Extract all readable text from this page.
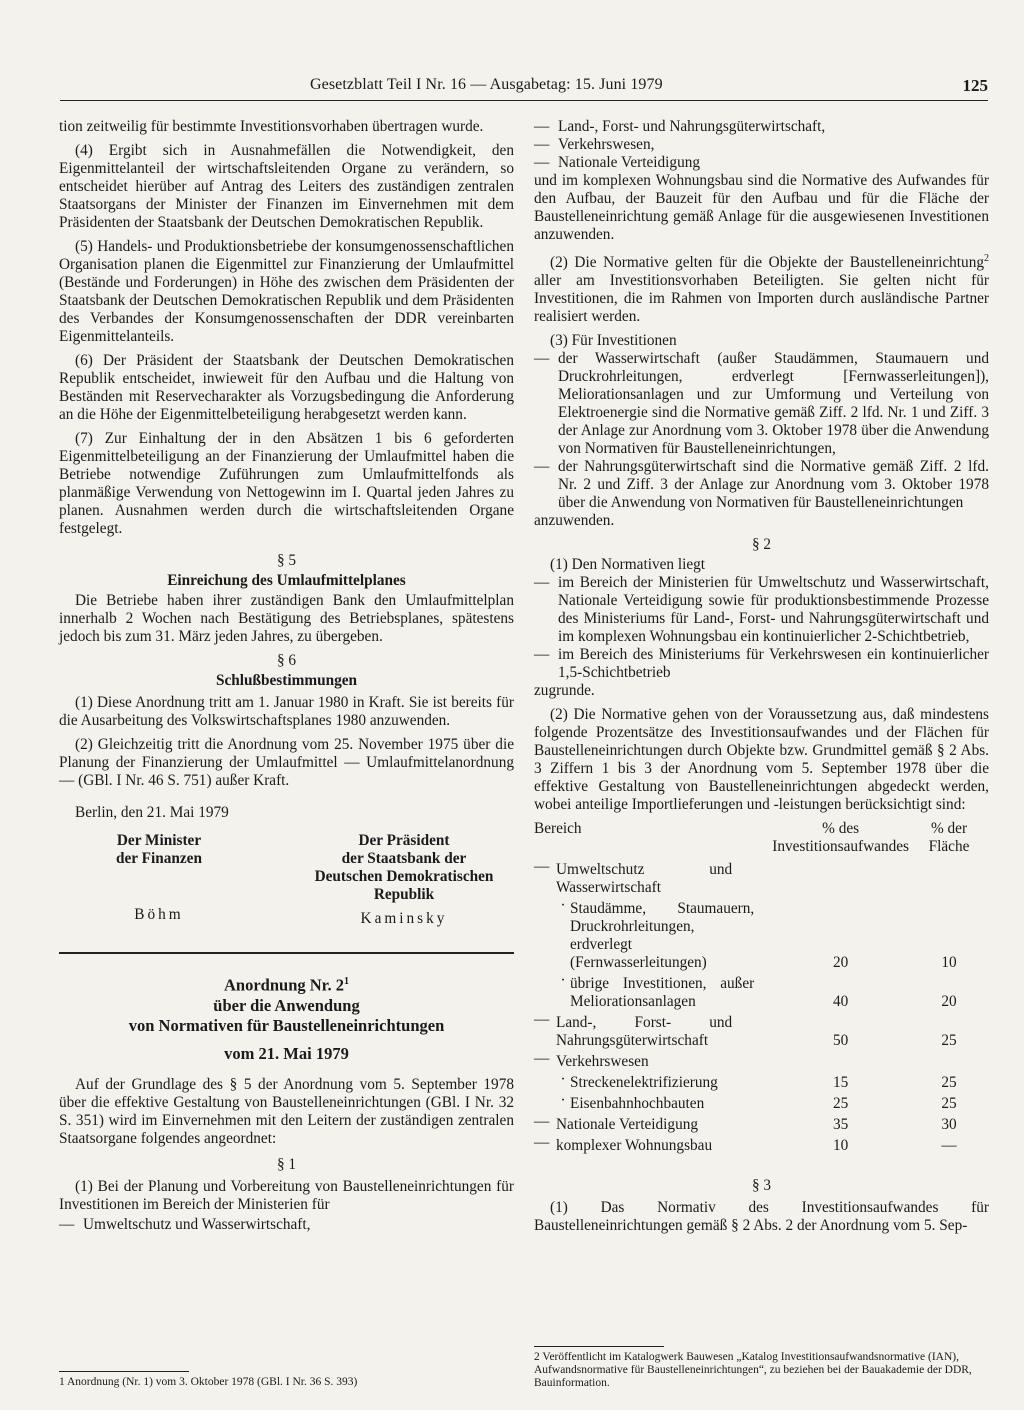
Gesetzblatt Teil I Nr. 16 — Ausgabetag: 15. Juni 1979	125

tion zeitweilig für bestimmte Investitionsvorhaben übertragen wurde.

(4) Ergibt sich in Ausnahmefällen die Notwendigkeit, den Eigenmittelanteil der wirtschaftsleitenden Organe zu verändern, so entscheidet hierüber auf Antrag des Leiters des zuständigen zentralen Staatsorgans der Minister der Finanzen im Einvernehmen mit dem Präsidenten der Staatsbank der Deutschen Demokratischen Republik.

(5) Handels- und Produktionsbetriebe der konsumgenossenschaftlichen Organisation planen die Eigenmittel zur Finanzierung der Umlaufmittel (Bestände und Forderungen) in Höhe des zwischen dem Präsidenten der Staatsbank der Deutschen Demokratischen Republik und dem Präsidenten des Verbandes der Konsumgenossenschaften der DDR vereinbarten Eigenmittelanteils.

(6) Der Präsident der Staatsbank der Deutschen Demokratischen Republik entscheidet, inwieweit für den Aufbau und die Haltung von Beständen mit Reservecharakter als Vorzugsbedingung die Anforderung an die Höhe der Eigenmittelbeteiligung herabgesetzt werden kann.

(7) Zur Einhaltung der in den Absätzen 1 bis 6 geforderten Eigenmittelbeteiligung an der Finanzierung der Umlaufmittel haben die Betriebe notwendige Zuführungen zum Umlaufmittelfonds als planmäßige Verwendung von Nettogewinn im I. Quartal jeden Jahres zu planen. Ausnahmen werden durch die wirtschaftsleitenden Organe festgelegt.

§ 5

Einreichung des Umlaufmittelplanes

Die Betriebe haben ihrer zuständigen Bank den Umlaufmittelplan innerhalb 2 Wochen nach Bestätigung des Betriebsplanes, spätestens jedoch bis zum 31. März jeden Jahres, zu übergeben.

§ 6

Schlußbestimmungen

(1) Diese Anordnung tritt am 1. Januar 1980 in Kraft. Sie ist bereits für die Ausarbeitung des Volkswirtschaftsplanes 1980 anzuwenden.

(2) Gleichzeitig tritt die Anordnung vom 25. November 1975 über die Planung der Finanzierung der Umlaufmittel — Umlaufmittelanordnung — (GBl. I Nr. 46 S. 751) außer Kraft.

Berlin, den 21. Mai 1979

Der Minister
der Finanzen
Böhm
Der Präsident
der Staatsbank der
Deutschen Demokratischen
Republik
Kaminsky
Anordnung Nr. $2^1$
über die Anwendung
von Normativen für Baustelleneinrichtungen

vom 21. Mai 1979

Auf der Grundlage des § 5 der Anordnung vom 5. September 1978 über die effektive Gestaltung von Baustelleneinrichtungen (GBl. I Nr. 32 S. 351) wird im Einvernehmen mit den Leitern der zuständigen zentralen Staatsorgane folgendes angeordnet:

§ 1

(1) Bei der Planung und Vorbereitung von Baustelleneinrichtungen für Investitionen im Bereich der Ministerien für

— Umweltschutz und Wasserwirtschaft,
1 Anordnung (Nr. 1) vom 3. Oktober 1978 (GBl. I Nr. 36 S. 393)
— Land-, Forst- und Nahrungsgüterwirtschaft,
— Verkehrswesen,
— Nationale Verteidigung

und im komplexen Wohnungsbau sind die Normative des Aufwandes für den Aufbau, der Bauzeit für den Aufbau und für die Fläche der Baustelleneinrichtung gemäß Anlage für die ausgewiesenen Investitionen anzuwenden.

(2) Die Normative gelten für die Objekte der Baustelleneinrichtung$^2$ aller am Investitionsvorhaben Beteiligten. Sie gelten nicht für Investitionen, die im Rahmen von Importen durch ausländische Partner realisiert werden.

(3) Für Investitionen

— der Wasserwirtschaft (außer Staudämmen, Staumauern und Druckrohrleitungen, erdverlegt [Fernwasserleitungen]), Meliorationsanlagen und zur Umformung und Verteilung von Elektroenergie sind die Normative gemäß Ziff. 2 lfd. Nr. 1 und Ziff. 3 der Anlage zur Anordnung vom 3. Oktober 1978 über die Anwendung von Normativen für Baustelleneinrichtungen,
— der Nahrungsgüterwirtschaft sind die Normative gemäß Ziff. 2 lfd. Nr. 2 und Ziff. 3 der Anlage zur Anordnung vom 3. Oktober 1978 über die Anwendung von Normativen für Baustelleneinrichtungen

anzuwenden.

§ 2

(1) Den Normativen liegt

— im Bereich der Ministerien für Umweltschutz und Wasserwirtschaft, Nationale Verteidigung sowie für produktionsbestimmende Prozesse des Ministeriums für Land-, Forst- und Nahrungsgüterwirtschaft und im komplexen Wohnungsbau ein kontinuierlicher 2-Schichtbetrieb,
— im Bereich des Ministeriums für Verkehrswesen ein kontinuierlicher 1,5-Schichtbetrieb

zugrunde.

(2) Die Normative gehen von der Voraussetzung aus, daß mindestens folgende Prozentsätze des Investitionsaufwandes und der Flächen für Baustelleneinrichtungen durch Objekte bzw. Grundmittel gemäß § 2 Abs. 3 Ziffern 1 bis 3 der Anordnung vom 5. September 1978 über die effektive Gestaltung von Baustelleneinrichtungen abgedeckt werden, wobei anteilige Importlieferungen und -leistungen berücksichtigt sind:

Bereich			% des Investitionsaufwandes	% der Fläche
—	Umweltschutz und Wasserwirtschaft			
	·	Staudämme, Staumauern, Druckrohrleitungen, erdverlegt (Fernwasserleitungen)	20	10
	·	übrige Investitionen, außer Meliorationsanlagen	40	20
—	Land-, Forst- und Nahrungsgüterwirtschaft		50	25
—	Verkehrswesen			
	·	Streckenelektrifizierung	15	25
	·	Eisenbahnhochbauten	25	25
—	Nationale Verteidigung		35	30
—	komplexer Wohnungsbau		10	—

§ 3

(1) Das Normativ des Investitionsaufwandes für Baustelleneinrichtungen gemäß § 2 Abs. 2 der Anordnung vom 5. Sep-

2 Veröffentlicht im Katalogwerk Bauwesen „Katalog Investitionsaufwandsnormative (IAN), Aufwandsnormative für Baustelleneinrichtungen“, zu beziehen bei der Bauakademie der DDR, Bauinformation.
